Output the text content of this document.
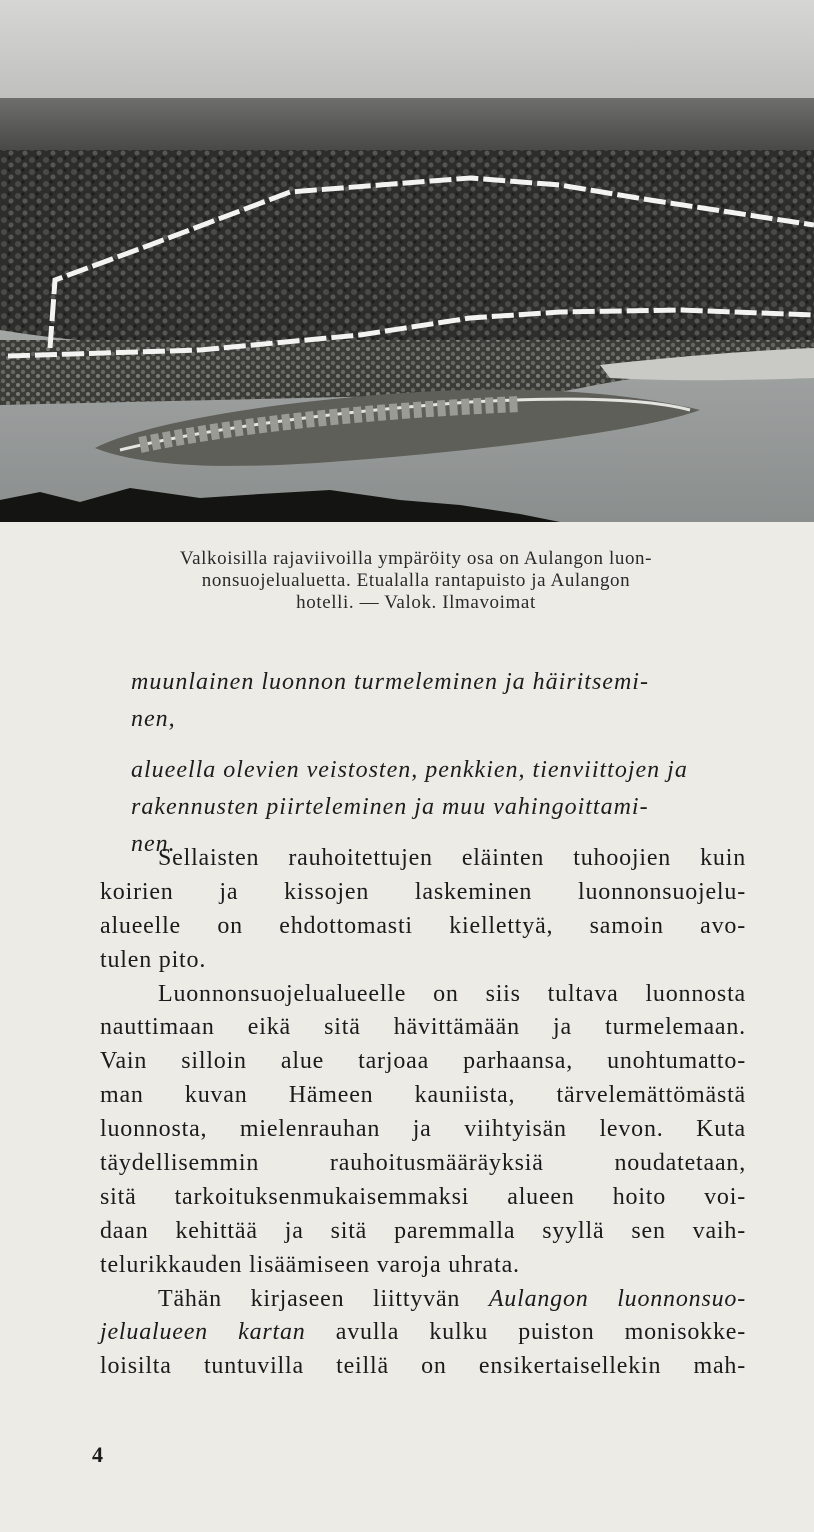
Valkoisilla rajaviivoilla ympäröity osa on Aulangon luon-
nonsuojelualuetta. Etualalla rantapuisto ja Aulangon
hotelli. — Valok. Ilmavoimat
muunlainen luonnon turmeleminen ja häiritsemi-
nen,
alueella olevien veistosten, penkkien, tienviittojen ja
rakennusten piirteleminen ja muu vahingoittami-
nen.
Sellaisten rauhoitettujen eläinten tuhoojien kuin
koirien ja kissojen laskeminen luonnonsuojelu-
alueelle on ehdottomasti kiellettyä, samoin avo-
tulen pito.
Luonnonsuojelualueelle on siis tultava luonnosta
nauttimaan eikä sitä hävittämään ja turmelemaan.
Vain silloin alue tarjoaa parhaansa, unohtumatto-
man kuvan Hämeen kauniista, tärvelemättömästä
luonnosta, mielenrauhan ja viihtyisän levon. Kuta
täydellisemmin rauhoitusmääräyksiä noudatetaan,
sitä tarkoituksenmukaisemmaksi alueen hoito voi-
daan kehittää ja sitä paremmalla syyllä sen vaih-
telurikkauden lisäämiseen varoja uhrata.
Tähän kirjaseen liittyvän Aulangon luonnonsuo-
jelualueen kartan avulla kulku puiston monisokke-
loisilta tuntuvilla teillä on ensikertaisellekin mah-
4
